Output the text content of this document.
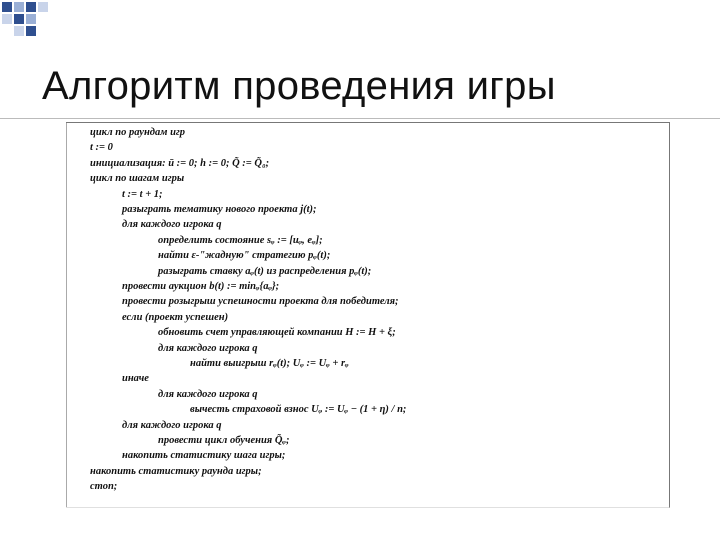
Алгоритм проведения игры
цикл по раундам игр
t := 0
инициализация: ū := 0; h := 0; Q̃ := Q̃₀;
цикл по шагам игры
t := t + 1;
разыграть тематику нового проекта j(t);
для каждого игрока q
определить состояние sᵩ := [uᵩ, eᵩ];
найти ε-"жадную" стратегию pᵩ(t);
разыграть ставку aᵩ(t) из распределения pᵩ(t);
провести аукцион b(t) := minᵩ{aᵩ};
провести розыгрыш успешности проекта для победителя;
если (проект успешен)
обновить счет управляющей компании H := H + ξ;
для каждого игрока q
найти выигрыш rᵩ(t); Uᵩ := Uᵩ + rᵩ
иначе
для каждого игрока q
вычесть страховой взнос Uᵩ := Uᵩ − (1 + η) / n;
для каждого игрока q
провести цикл обучения Q̃ᵩ;
накопить статистику шага игры;
накопить статистику раунда игры;
стоп;
